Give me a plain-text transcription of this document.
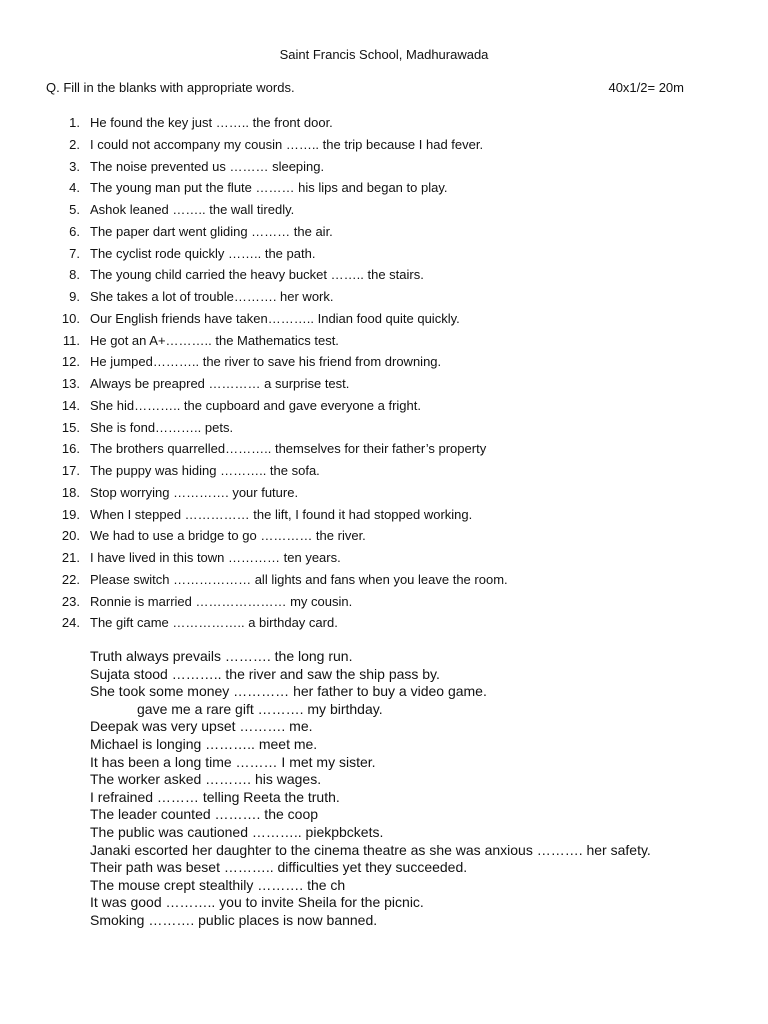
Saint Francis School, Madhurawada
Q. Fill in the blanks with appropriate words.	40x1/2= 20m
1. He found the key just …….. the front door.
2. I could not accompany my cousin …….. the trip because I had fever.
3. The noise prevented us ……… sleeping.
4. The young man put the flute ……… his lips and began to play.
5. Ashok leaned …….. the wall tiredly.
6. The paper dart went gliding ……… the air.
7. The cyclist rode quickly …….. the path.
8. The young child carried the heavy bucket …….. the stairs.
9. She takes a lot of trouble………. her work.
10. Our English friends have taken……….. Indian food quite quickly.
11. He got an A+……….. the Mathematics test.
12. He jumped……….. the river to save his friend from drowning.
13. Always be preapred ………… a surprise test.
14. She hid……….. the cupboard and gave everyone a fright.
15. She is fond……….. pets.
16. The brothers quarrelled……….. themselves for their father’s property
17. The puppy was hiding ……….. the sofa.
18. Stop worrying …………. your future.
19. When I stepped …………… the lift, I found it had stopped working.
20. We had to use a bridge to go ………… the river.
21. I have lived in this town ………… ten years.
22. Please switch ……………… all lights and fans when you leave the room.
23. Ronnie is married ………………… my cousin.
24. The gift came …………….. a birthday card.
Truth always prevails ………. the long run.
Sujata stood ……….. the river and saw the ship pass by.
She took some money ………… her father to buy a video game.
gave me a rare gift ………. my birthday.
Deepak was very upset ………. me.
Michael is longing ……….. meet me.
It has been a long time ……… I met my sister.
The worker asked ………. his wages.
I refrained ……… telling Reeta the truth.
The leader counted ………. the coop
The public was cautioned ……….. piekpbckets.
Janaki escorted her daughter to the cinema theatre as she was anxious ………. her safety.
Their path was beset ……….. difficulties yet they succeeded.
The mouse crept stealthily ………. the ch
It was good ……….. you to invite Sheila for the picnic.
Smoking ………. public places is now banned.
